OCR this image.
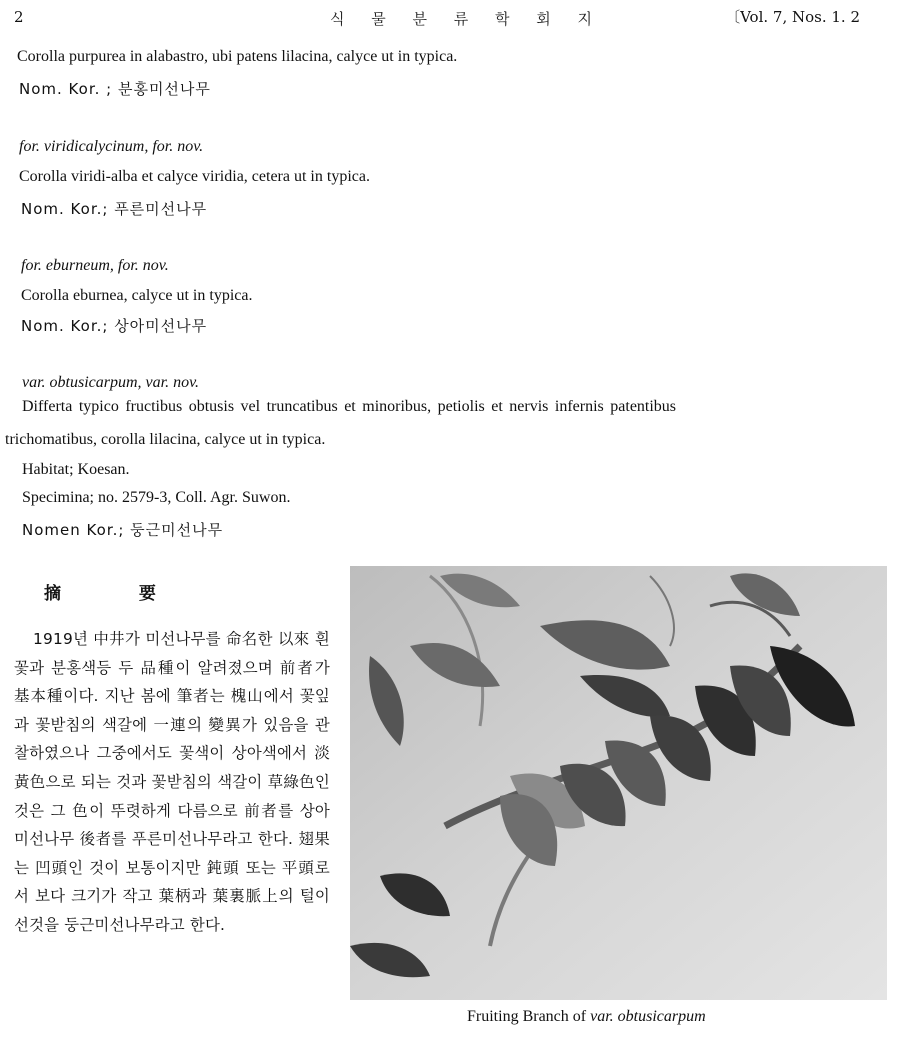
2	식 물 분 류 학 회 지	〔Vol. 7, Nos. 1. 2
Corolla purpurea in alabastro, ubi patens lilacina, calyce ut in typica.
Nom. Kor. ; 분홍미선나무
for. viridicalycinum, for. nov.
Corolla viridi-alba et calyce viridia, cetera ut in typica.
Nom. Kor.; 푸른미선나무
for. eburneum, for. nov.
Corolla eburnea, calyce ut in typica.
Nom. Kor.; 상아미선나무
var. obtusicarpum, var. nov.
Differta typico fructibus obtusis vel truncatibus et minoribus, petiolis et nervis infernis patentibus
trichomatibus, corolla lilacina, calyce ut in typica.
Habitat; Koesan.
Specimina; no. 2579-3, Coll. Agr. Suwon.
Nomen Kor.; 둥근미선나무
摘 要
1919년 中井가 미선나무를 命名한 以來 흰꽃과 분홍색등 두 品種이 알려졌으며 前者가 基本種이다. 지난 봄에 筆者는 槐山에서 꽃잎과 꽃받침의 색갈에 一連의 變異가 있음을 관찰하였으나 그중에서도 꽃색이 상아색에서 淡黃色으로 되는 것과 꽃받침의 색갈이 草綠色인 것은 그 色이 뚜렷하게 다름으로 前者를 상아미선나무 後者를 푸른미선나무라고 한다. 翅果는 凹頭인 것이 보통이지만 鈍頭 또는 平頭로서 보다 크기가 작고 葉柄과 葉裏脈上의 털이 선것을 둥근미선나무라고 한다.
Fruiting Branch of var. obtusicarpum
